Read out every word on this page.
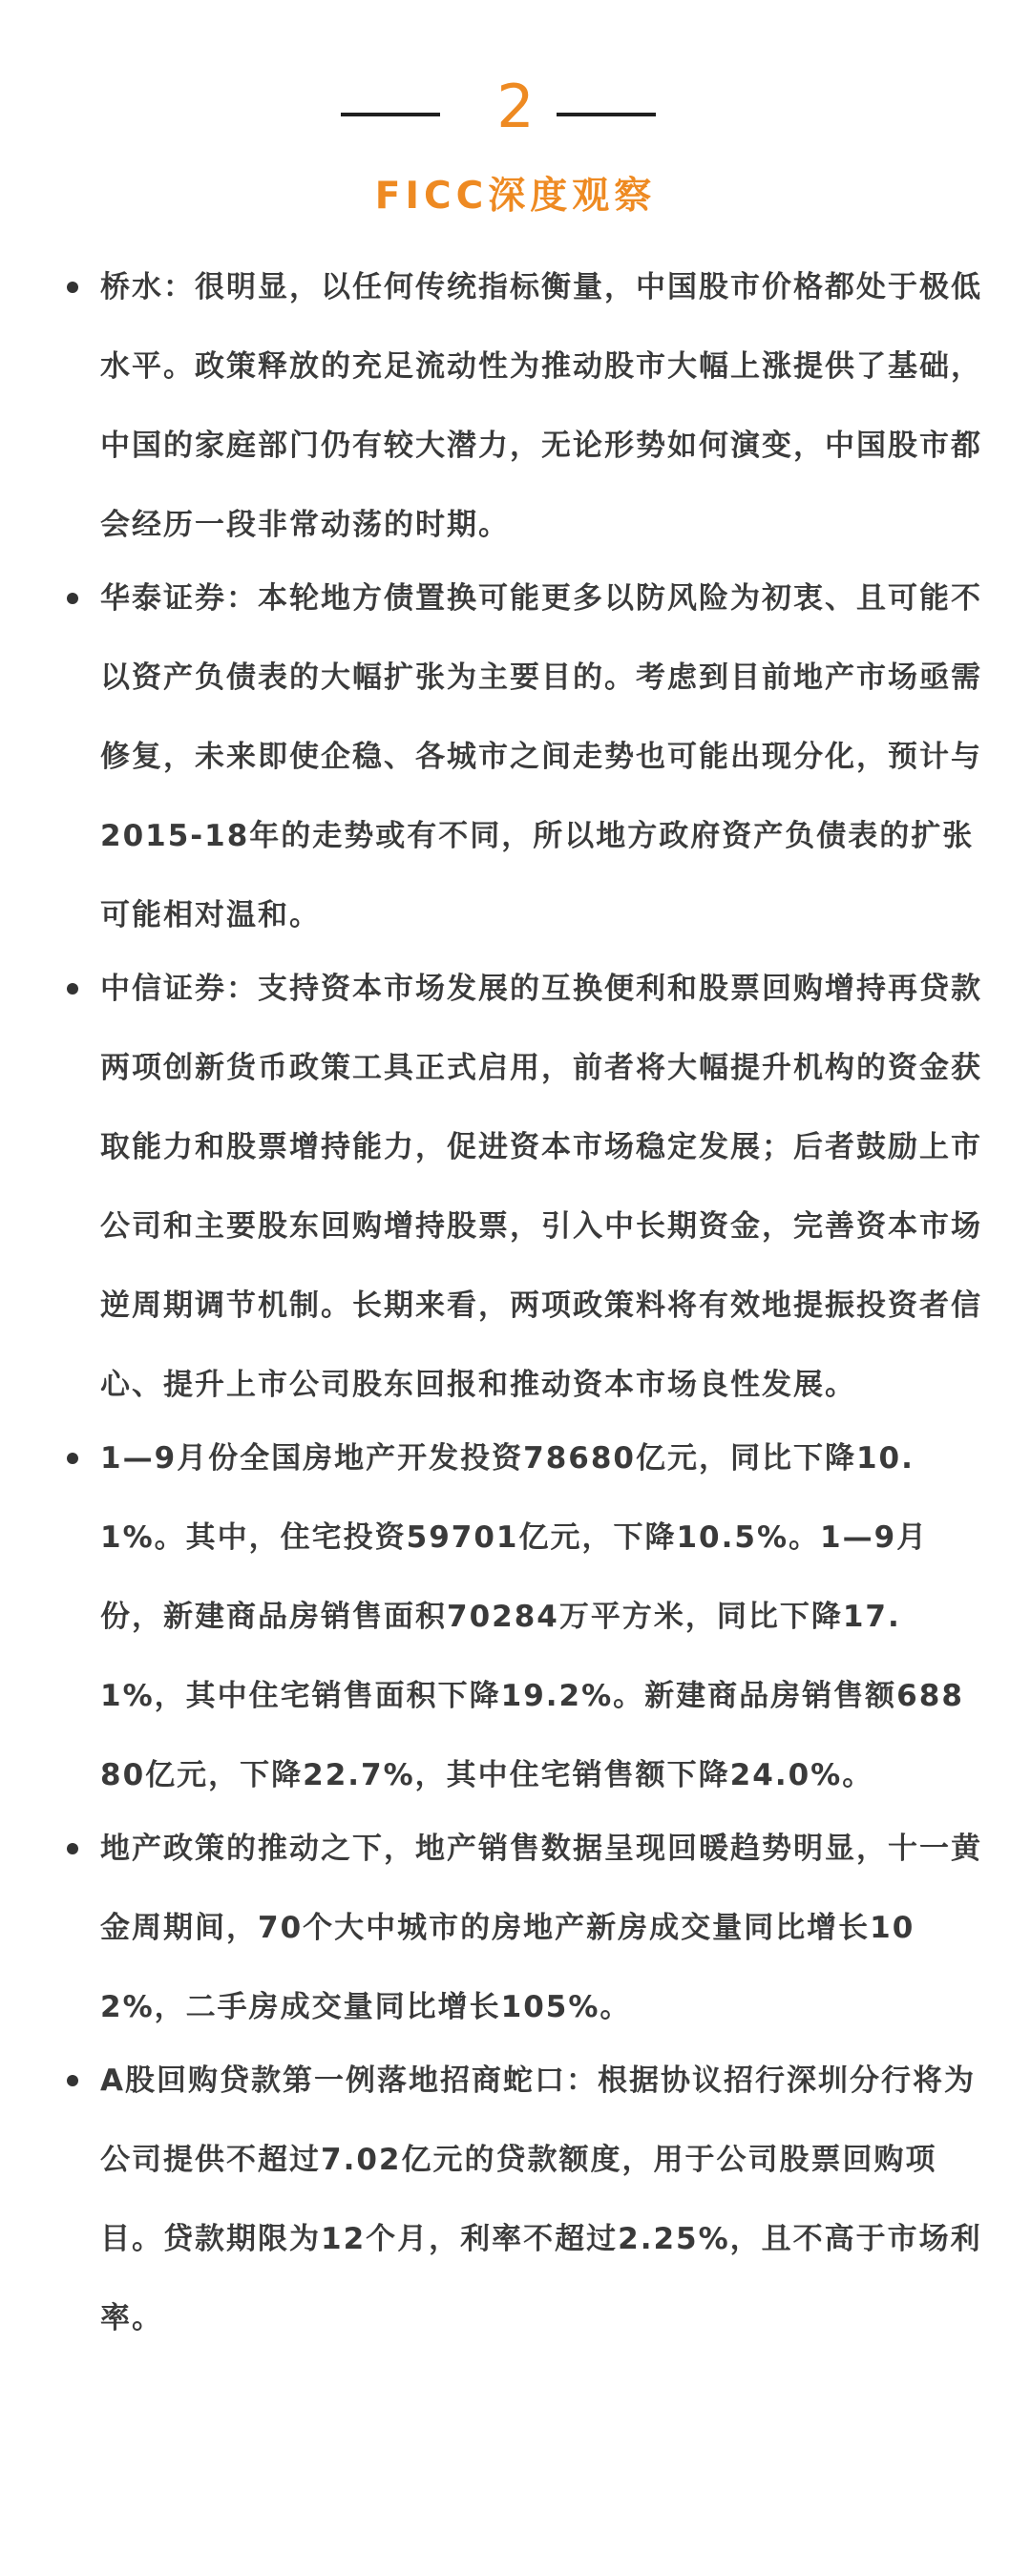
2
FICC深度观察
桥水：很明显，以任何传统指标衡量，中国股市价格都处于极低水平。政策释放的充足流动性为推动股市大幅上涨提供了基础，中国的家庭部门仍有较大潜力，无论形势如何演变，中国股市都会经历一段非常动荡的时期。
华泰证券：本轮地方债置换可能更多以防风险为初衷、且可能不以资产负债表的大幅扩张为主要目的。考虑到目前地产市场亟需修复，未来即使企稳、各城市之间走势也可能出现分化，预计与2015-18年的走势或有不同，所以地方政府资产负债表的扩张可能相对温和。
中信证券：支持资本市场发展的互换便利和股票回购增持再贷款两项创新货币政策工具正式启用，前者将大幅提升机构的资金获取能力和股票增持能力，促进资本市场稳定发展；后者鼓励上市公司和主要股东回购增持股票，引入中长期资金，完善资本市场逆周期调节机制。长期来看，两项政策料将有效地提振投资者信心、提升上市公司股东回报和推动资本市场良性发展。
1—9月份全国房地产开发投资78680亿元，同比下降10.1%。其中，住宅投资59701亿元，下降10.5%。1—9月份，新建商品房销售面积70284万平方米，同比下降17.1%，其中住宅销售面积下降19.2%。新建商品房销售额68880亿元，下降22.7%，其中住宅销售额下降24.0%。
地产政策的推动之下，地产销售数据呈现回暖趋势明显，十一黄金周期间，70个大中城市的房地产新房成交量同比增长102%，二手房成交量同比增长105%。
A股回购贷款第一例落地招商蛇口：根据协议招行深圳分行将为公司提供不超过7.02亿元的贷款额度，用于公司股票回购项目。贷款期限为12个月，利率不超过2.25%，且不高于市场利率。
